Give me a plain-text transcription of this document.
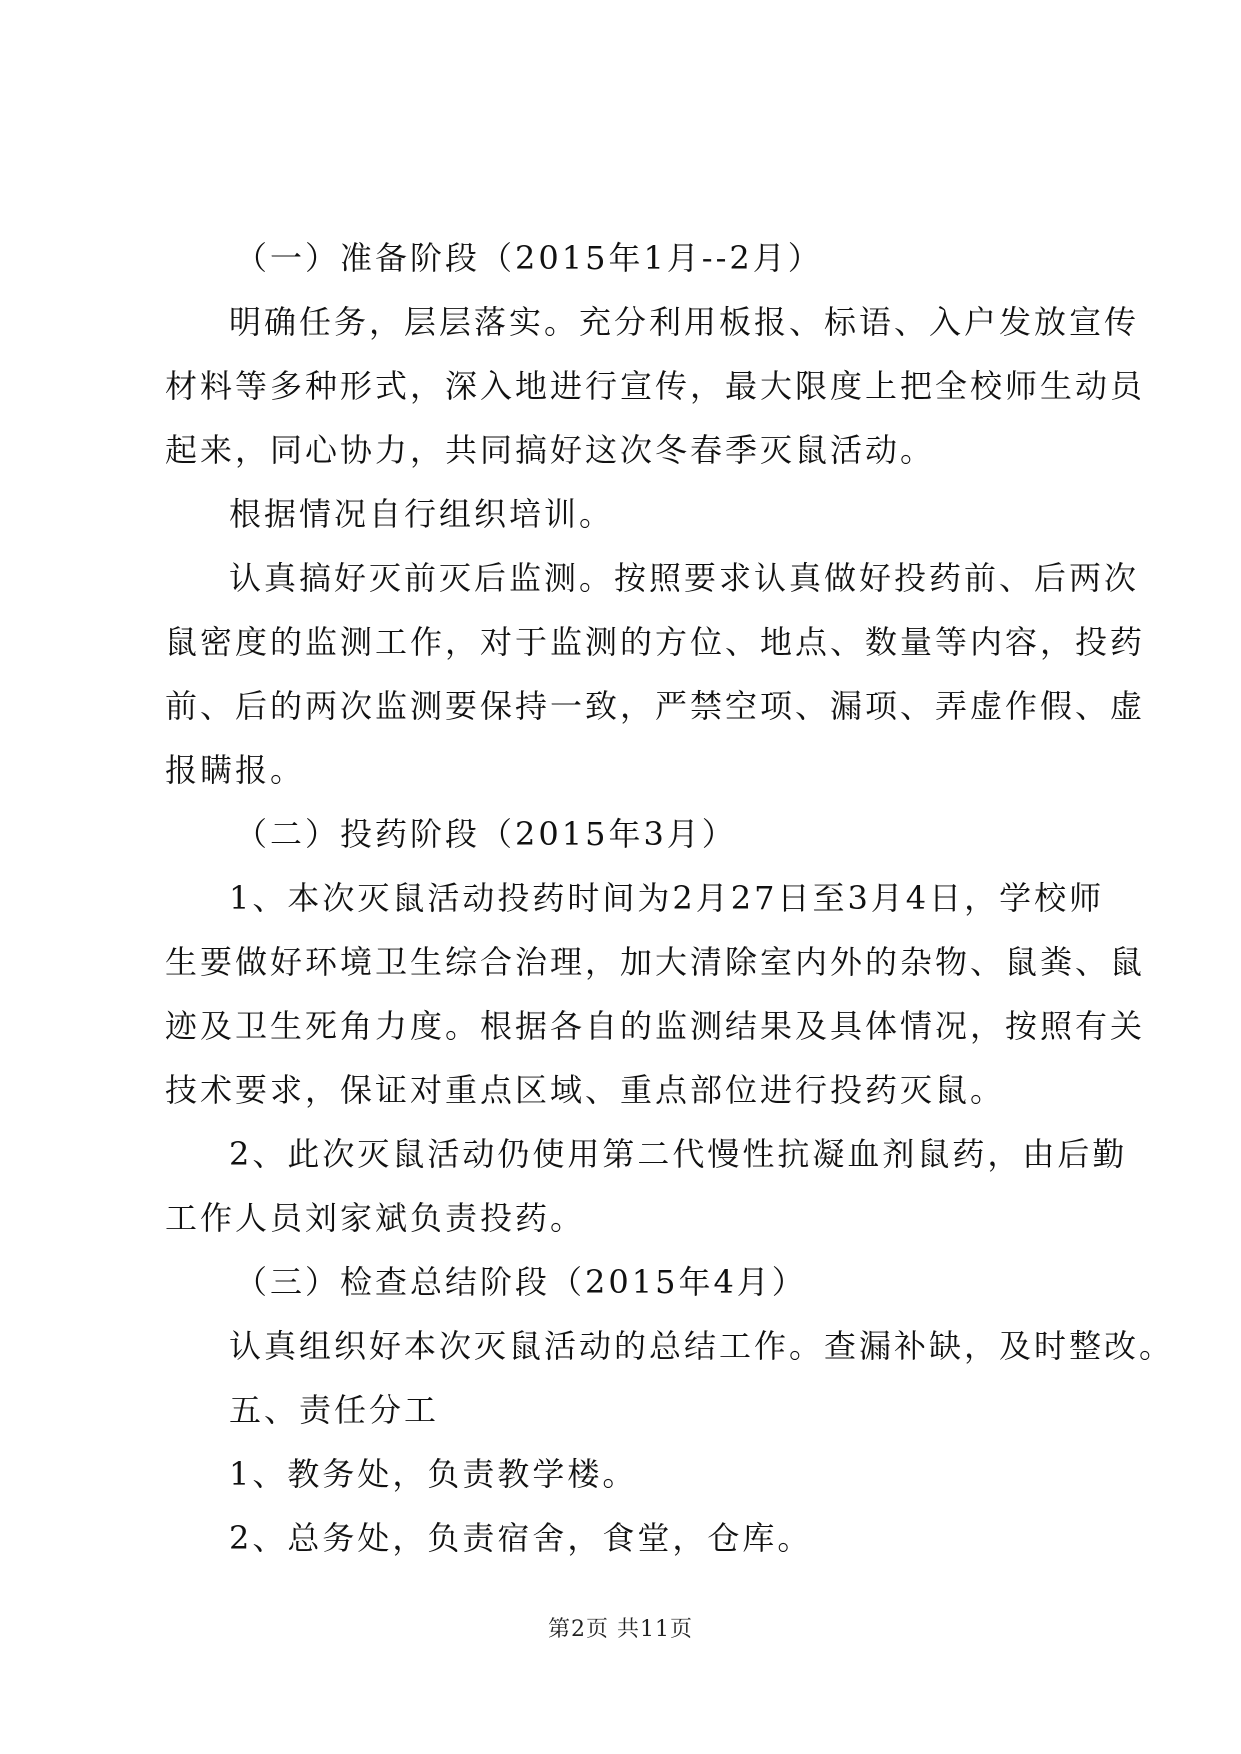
（一）准备阶段（2015年1月--2月）

明确任务，层层落实。充分利用板报、标语、入户发放宣传
材料等多种形式，深入地进行宣传，最大限度上把全校师生动员
起来，同心协力，共同搞好这次冬春季灭鼠活动。

根据情况自行组织培训。

认真搞好灭前灭后监测。按照要求认真做好投药前、后两次
鼠密度的监测工作，对于监测的方位、地点、数量等内容，投药
前、后的两次监测要保持一致，严禁空项、漏项、弄虚作假、虚
报瞒报。

（二）投药阶段（2015年3月）

1、本次灭鼠活动投药时间为2月27日至3月4日，学校师
生要做好环境卫生综合治理，加大清除室内外的杂物、鼠粪、鼠
迹及卫生死角力度。根据各自的监测结果及具体情况，按照有关
技术要求，保证对重点区域、重点部位进行投药灭鼠。

2、此次灭鼠活动仍使用第二代慢性抗凝血剂鼠药，由后勤
工作人员刘家斌负责投药。

（三）检查总结阶段（2015年4月）

认真组织好本次灭鼠活动的总结工作。查漏补缺，及时整改。

五、责任分工

1、教务处，负责教学楼。

2、总务处，负责宿舍，食堂，仓库。

第2页 共11页
